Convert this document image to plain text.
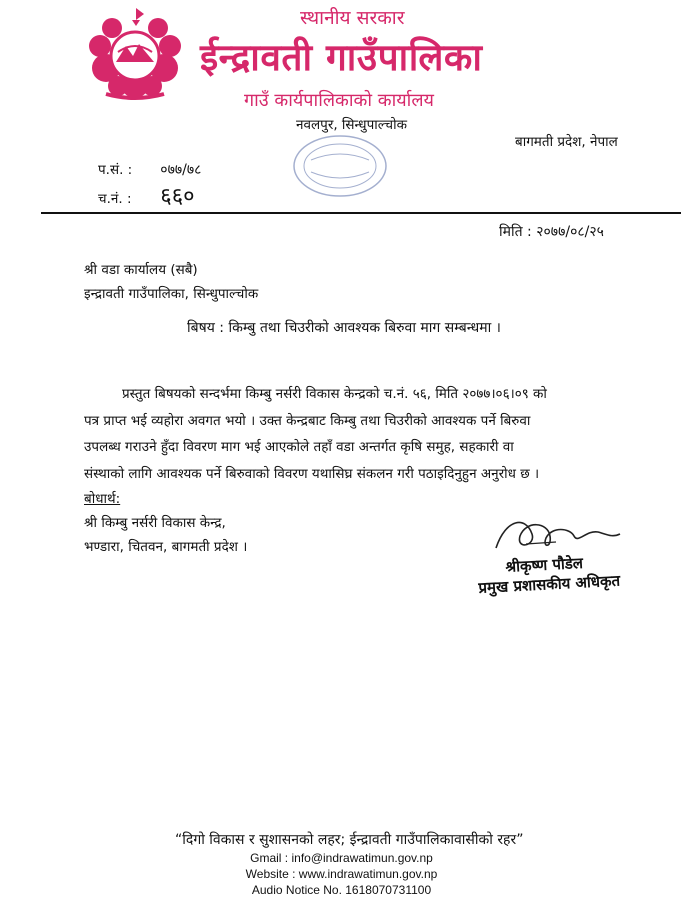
स्थानीय सरकार
ईन्द्रावती गाउँपालिका
गाउँ कार्यपालिकाको कार्यालय
नवलपुर, सिन्धुपाल्चोक
बागमती प्रदेश, नेपाल
प.सं. : ०७७/७८
च.नं. : ६६०
मिति : २०७७/०८/२५
श्री वडा कार्यालय (सबै)
इन्द्रावती गाउँपालिका, सिन्धुपाल्चोक
बिषय : किम्बु तथा चिउरीको आवश्यक बिरुवा माग सम्बन्धमा ।
प्रस्तुत बिषयको सन्दर्भमा किम्बु नर्सरी विकास केन्द्रको च.नं. ५६, मिति २०७७।०६।०९ को
पत्र प्राप्त भई व्यहोरा अवगत भयो । उक्त केन्द्रबाट किम्बु तथा चिउरीको आवश्यक पर्ने बिरुवा
उपलब्ध गराउने हुँदा विवरण माग भई आएकोले तहाँ वडा अन्तर्गत कृषि समुह, सहकारी वा
संस्थाको लागि आवश्यक पर्ने बिरुवाको विवरण यथासिघ्र संकलन गरी पठाइदिनुहुन अनुरोध छ ।
बोधार्थ:
श्री किम्बु नर्सरी विकास केन्द्र,
भण्डारा, चितवन, बागमती प्रदेश ।
श्रीकृष्ण पौडेल
प्रमुख प्रशासकीय अधिकृत
“दिगो विकास र सुशासनको लहर; ईन्द्रावती गाउँपालिकावासीको रहर”
Gmail : info@indrawatimun.gov.np
Website : www.indrawatimun.gov.np
Audio Notice No. 1618070731100
